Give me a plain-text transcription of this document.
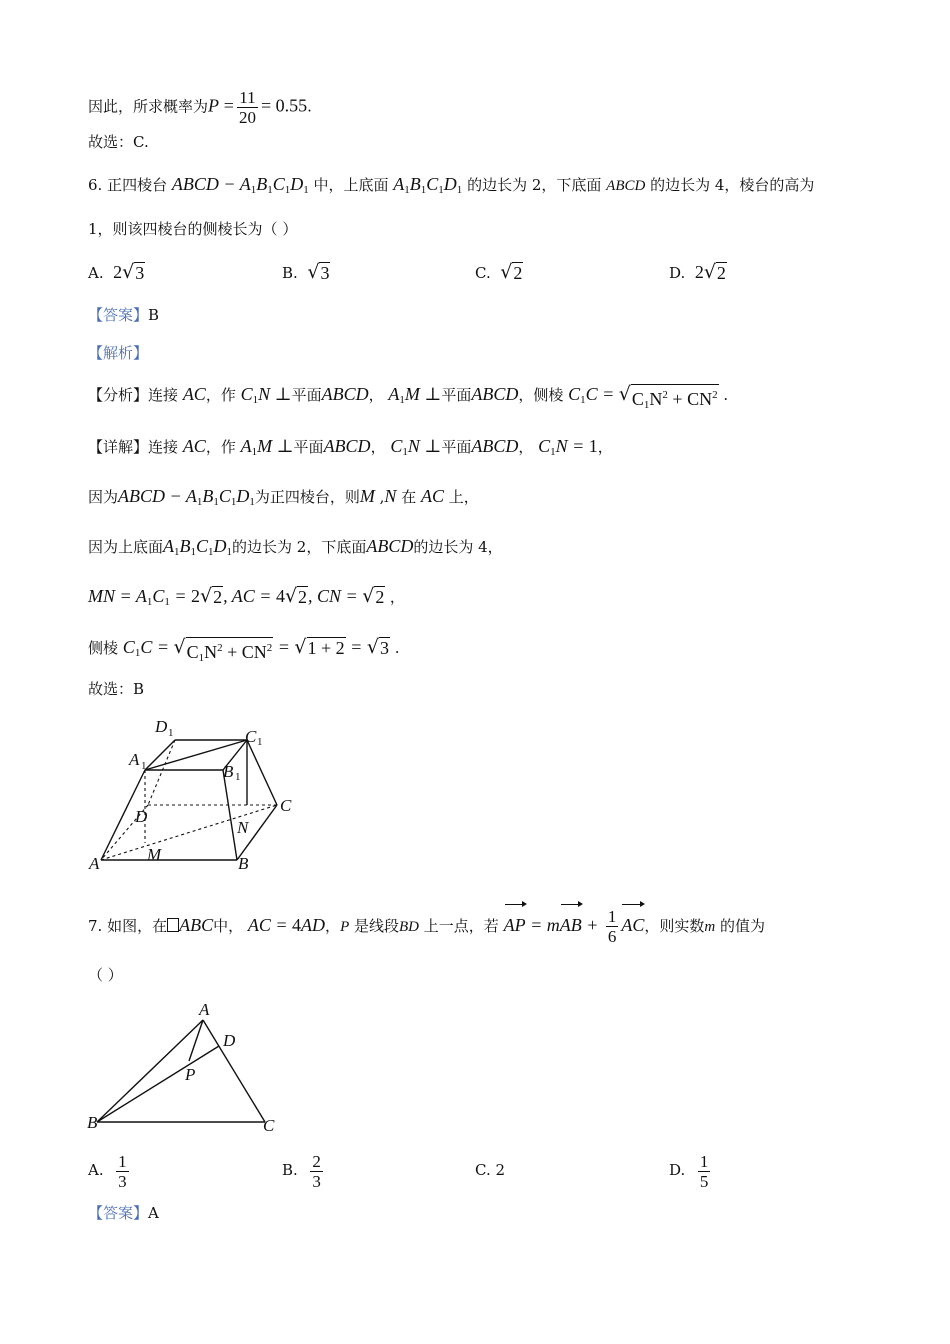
因此，所求概率为$P = \frac{11}{20} = 0.55$.
故选：C.
6. 正四棱台 ABCD − $A_1B_1C_1D_1$ 中，上底面 $A_1B_1C_1D_1$ 的边长为 2，下底面 ABCD 的边长为 4，棱台的高为
1，则该四棱台的侧棱长为（ ）
A. 2 √ 3	B. √ 3	C. √ 2	D. 2 √ 2
【答案】B
【解析】
【分析】连接 AC，作 $C_1N$ ⊥平面ABCD， $A_1M$ ⊥平面ABCD，侧棱 $C_1C$ = √ $C_1N^2 + CN^2$ .
【详解】连接 AC，作 $A_1M$ ⊥平面ABCD， $C_1N$ ⊥平面ABCD， $C_1N = 1$，
因为ABCD − $A_1B_1C_1D_1$为正四棱台，则M ,N 在 AC 上，
因为上底面$A_1B_1C_1D_1$的边长为 2，下底面ABCD的边长为 4，
MN = $A_1C_1 = 2$ √ 2 , AC = 4 √ 2 , CN = √ 2 ，
侧棱 $C_1C$ = √ $C_1N^2 + CN^2$ = √ 1 + 2 = √ 3 .
故选：B
D 1	C 1
A 1	B 1
C
D
N
A	M	B
7. 如图，在 ABC中， AC = 4AD，P 是线段BD 上一点，若 AP = mAB + $\frac{1}{6}$ AC，则实数m 的值为
（ ）
A
D
P
B	C
A. $\frac{1}{3}$	B. $\frac{2}{3}$	C. 2	D. $\frac{1}{5}$
【答案】A
